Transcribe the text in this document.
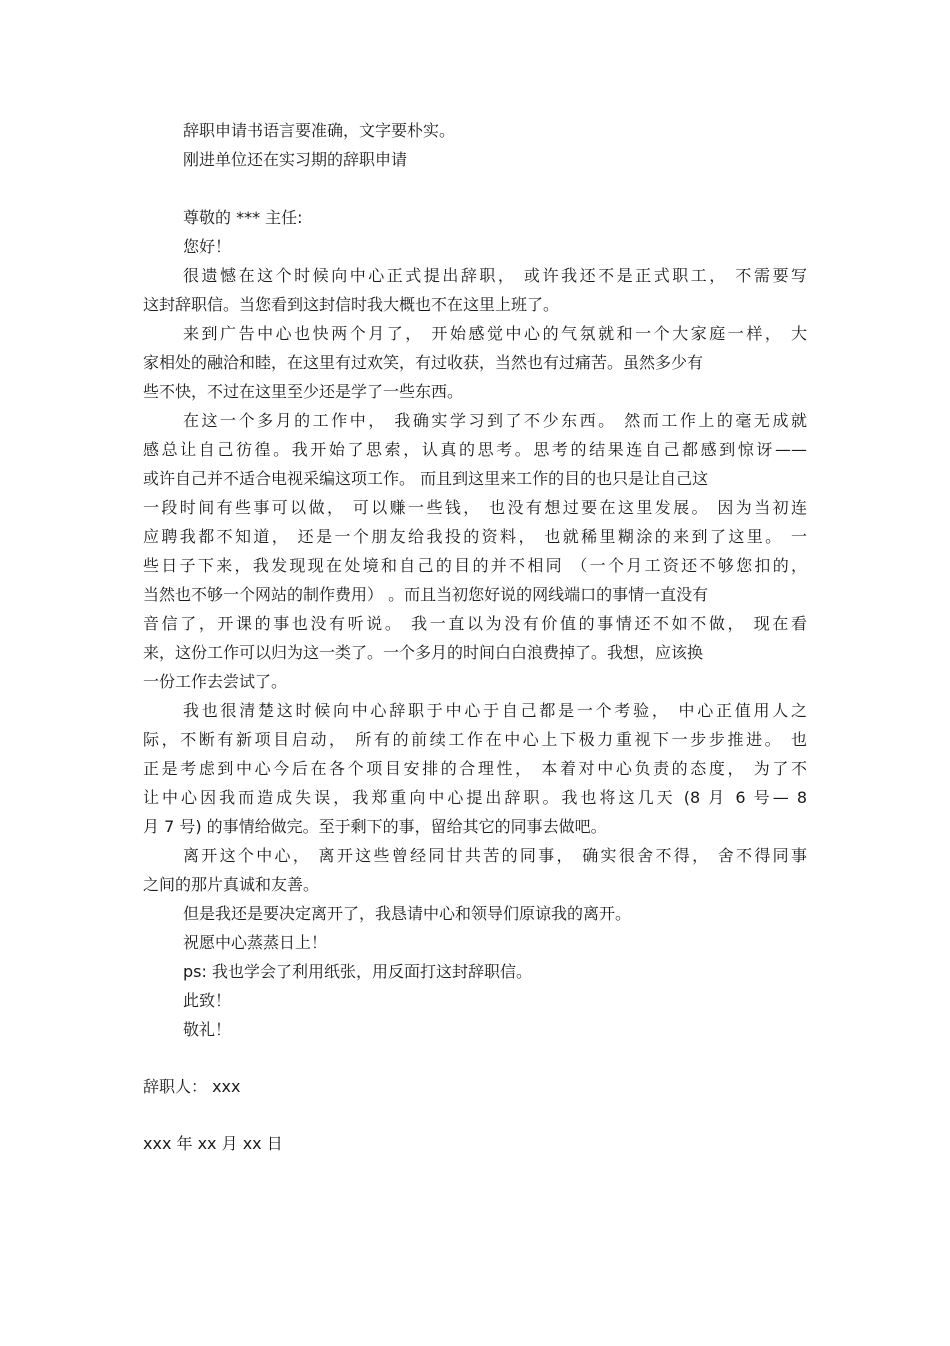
辞职申请书语言要准确，文字要朴实。
刚进单位还在实习期的辞职申请
尊敬的 *** 主任:
您好！
很遗憾在这个时候向中心正式提出辞职， 或许我还不是正式职工， 不需要写
这封辞职信。当您看到这封信时我大概也不在这里上班了。
来到广告中心也快两个月了， 开始感觉中心的气氛就和一个大家庭一样， 大
家相处的融洽和睦，在这里有过欢笑，有过收获，当然也有过痛苦。虽然多少有
些不快，不过在这里至少还是学了一些东西。
在这一个多月的工作中， 我确实学习到了不少东西。 然而工作上的毫无成就
感总让自己彷徨。我开始了思索，认真的思考。思考的结果连自己都感到惊讶——
或许自己并不适合电视采编这项工作。 而且到这里来工作的目的也只是让自己这
一段时间有些事可以做， 可以赚一些钱， 也没有想过要在这里发展。 因为当初连
应聘我都不知道， 还是一个朋友给我投的资料， 也就稀里糊涂的来到了这里。 一
些日子下来，我发现现在处境和自己的目的并不相同 （一个月工资还不够您扣的，
当然也不够一个网站的制作费用） 。而且当初您好说的网线端口的事情一直没有
音信了，开课的事也没有听说。 我一直以为没有价值的事情还不如不做， 现在看
来，这份工作可以归为这一类了。一个多月的时间白白浪费掉了。我想，应该换
一份工作去尝试了。
我也很清楚这时候向中心辞职于中心于自己都是一个考验， 中心正值用人之
际，不断有新项目启动， 所有的前续工作在中心上下极力重视下一步步推进。 也
正是考虑到中心今后在各个项目安排的合理性， 本着对中心负责的态度， 为了不
让中心因我而造成失误，我郑重向中心提出辞职。我也将这几天 (8 月 6 号— 8
月 7 号) 的事情给做完。至于剩下的事，留给其它的同事去做吧。
离开这个中心， 离开这些曾经同甘共苦的同事， 确实很舍不得， 舍不得同事
之间的那片真诚和友善。
但是我还是要决定离开了，我恳请中心和领导们原谅我的离开。
祝愿中心蒸蒸日上！
ps: 我也学会了利用纸张，用反面打这封辞职信。
此致！
敬礼！
辞职人： xxx
xxx 年 xx 月 xx 日
